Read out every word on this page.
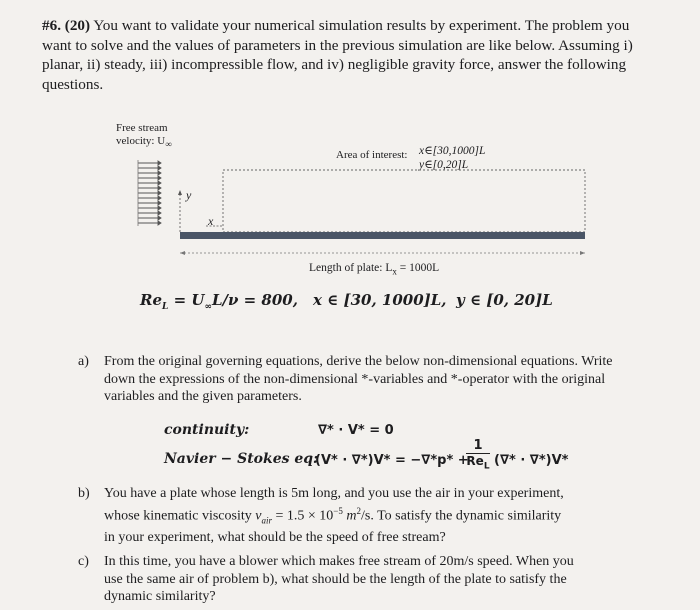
#6. (20) You want to validate your numerical simulation results by experiment. The problem you want to solve and the values of parameters in the previous simulation are like below. Assuming i) planar, ii) steady, iii) incompressible flow, and iv) negligible gravity force, answer the following questions.
Free stream
velocity: $U_\infty$
Area of interest: x∈[30,1000]L
y∈[0,20]L
y
x
Length of plate: $L_x = 1000L$
$Re_L = U_\infty L/\nu = 800$, x ∈ [30, 1000]L, y ∈ [0, 20]L
a) From the original governing equations, derive the below non-dimensional equations. Write down the expressions of the non-dimensional *-variables and *-operator with the original variables and the given parameters.
continuity:	∇* · V* = 0
Navier − Stokes eq:
(V* · ∇*)V* = −∇*p* +
1
$Re_L$ (∇* · ∇*)V*
b) You have a plate whose length is 5m long, and you use the air in your experiment,
whose kinematic viscosity $\nu_{air} = 1.5 \times 10^{-5}$ $m^2/s$. To satisfy the dynamic similarity
in your experiment, what should be the speed of free stream?
c) In this time, you have a blower which makes free stream of 20m/s speed. When you
use the same air of problem b), what should be the length of the plate to satisfy the
dynamic similarity?
